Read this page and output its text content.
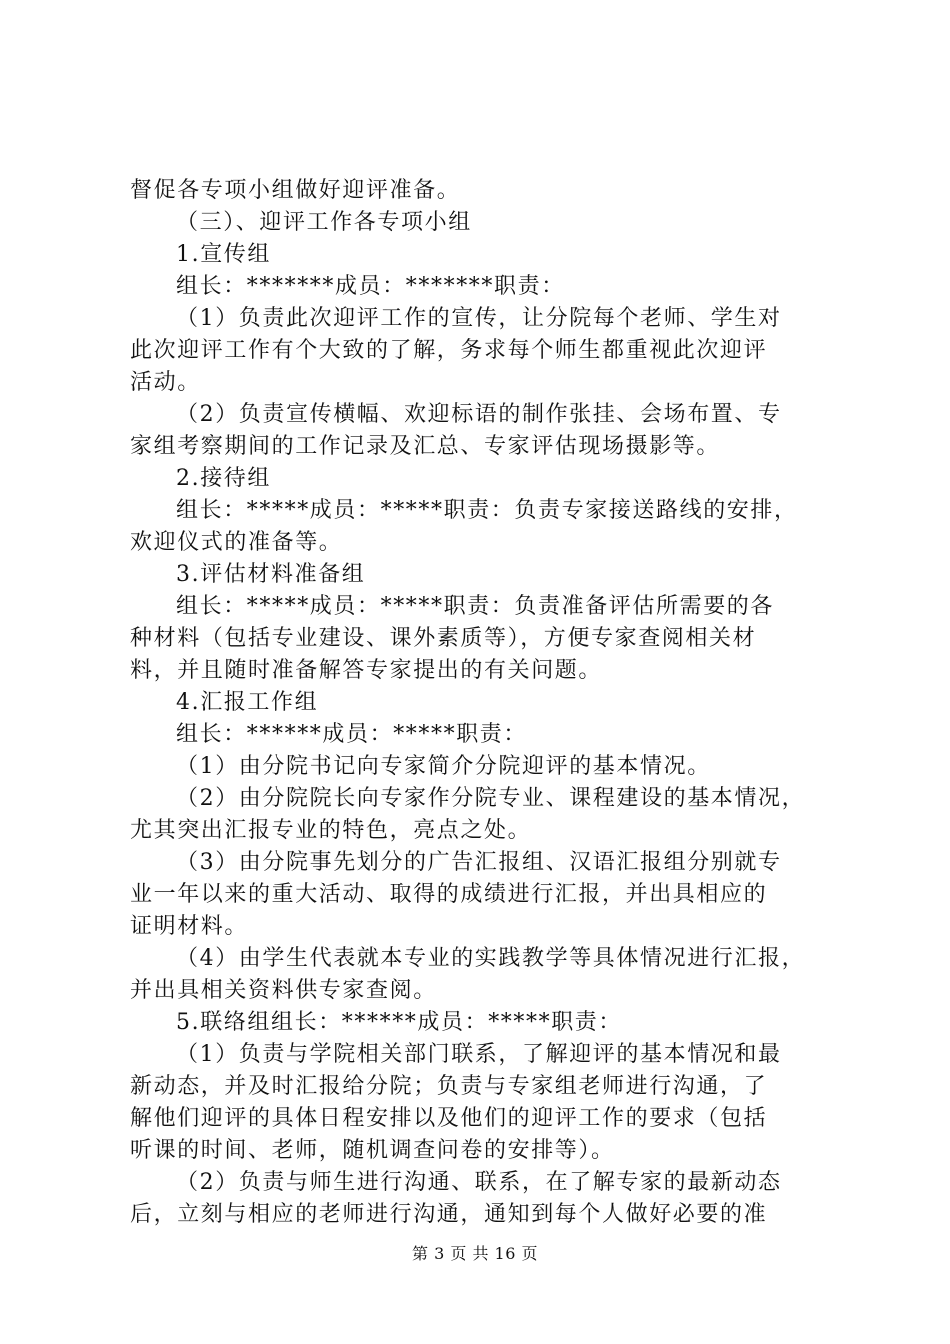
督促各专项小组做好迎评准备。
（三）、迎评工作各专项小组
1.宣传组
组长：*******成员：*******职责：
（1）负责此次迎评工作的宣传，让分院每个老师、学生对
此次迎评工作有个大致的了解，务求每个师生都重视此次迎评
活动。
（2）负责宣传横幅、欢迎标语的制作张挂、会场布置、专
家组考察期间的工作记录及汇总、专家评估现场摄影等。
2.接待组
组长：*****成员：*****职责：负责专家接送路线的安排，
欢迎仪式的准备等。
3.评估材料准备组
组长：*****成员：*****职责：负责准备评估所需要的各
种材料（包括专业建设、课外素质等），方便专家查阅相关材
料，并且随时准备解答专家提出的有关问题。
4.汇报工作组
组长：******成员：*****职责：
（1）由分院书记向专家简介分院迎评的基本情况。
（2）由分院院长向专家作分院专业、课程建设的基本情况，
尤其突出汇报专业的特色，亮点之处。
（3）由分院事先划分的广告汇报组、汉语汇报组分别就专
业一年以来的重大活动、取得的成绩进行汇报，并出具相应的
证明材料。
（4）由学生代表就本专业的实践教学等具体情况进行汇报，
并出具相关资料供专家查阅。
5.联络组组长：******成员：*****职责：
（1）负责与学院相关部门联系，了解迎评的基本情况和最
新动态，并及时汇报给分院；负责与专家组老师进行沟通，了
解他们迎评的具体日程安排以及他们的迎评工作的要求（包括
听课的时间、老师，随机调查问卷的安排等）。
（2）负责与师生进行沟通、联系，在了解专家的最新动态
后，立刻与相应的老师进行沟通，通知到每个人做好必要的准
第 3 页 共 16 页
